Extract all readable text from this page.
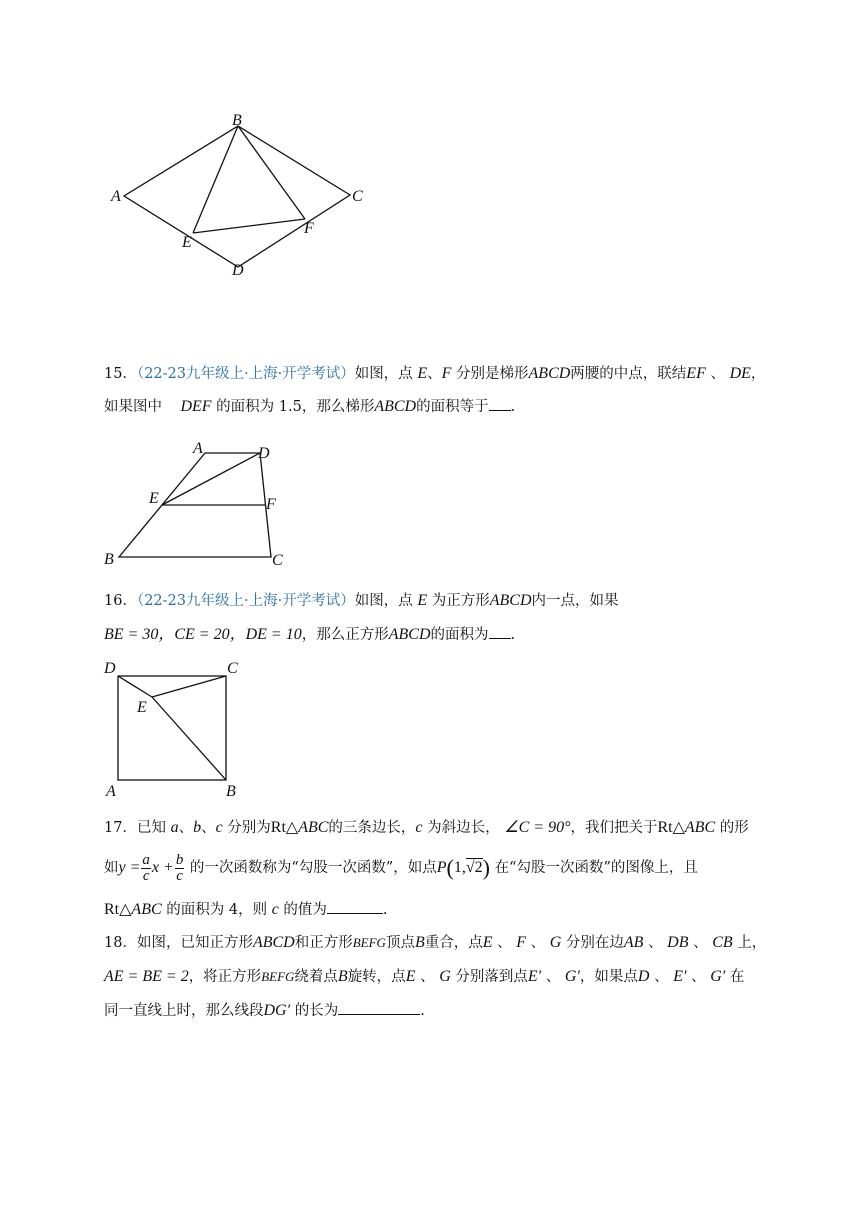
A
B
C
D
E
F
15．（22-23九年级上·上海·开学考试）如图，点 E、F 分别是梯形ABCD两腰的中点，联结EF 、 DE，
如果图中 DEF 的面积为 1.5，那么梯形ABCD的面积等于 .
A	D
E	F
B	C
16．（22-23九年级上·上海·开学考试）如图，点 E 为正方形ABCD内一点，如果
BE = 30，CE = 20，DE = 10，那么正方形ABCD的面积为 .
D	C
E
A	B
17．已知 a、b、c 分别为Rt△ABC的三条边长，c 为斜边长， ∠C = 90°，我们把关于Rt△ABC 的形
如$y = \frac{a}{c}$ $x + \frac{b}{c}$ 的一次函数称为“勾股一次函数”，如点P(1,√2) 在“勾股一次函数”的图像上，且
Rt△ABC 的面积为 4，则 c 的值为	.
18．如图，已知正方形ABCD和正方形BEFG顶点B重合，点E 、 F 、 G 分别在边AB 、 DB 、 CB 上，
AE = BE = 2，将正方形BEFG绕着点B旋转，点E 、 G 分别落到点E′ 、 G′，如果点D 、 E′ 、 G′ 在
同一直线上时，那么线段DG′ 的长为	.
